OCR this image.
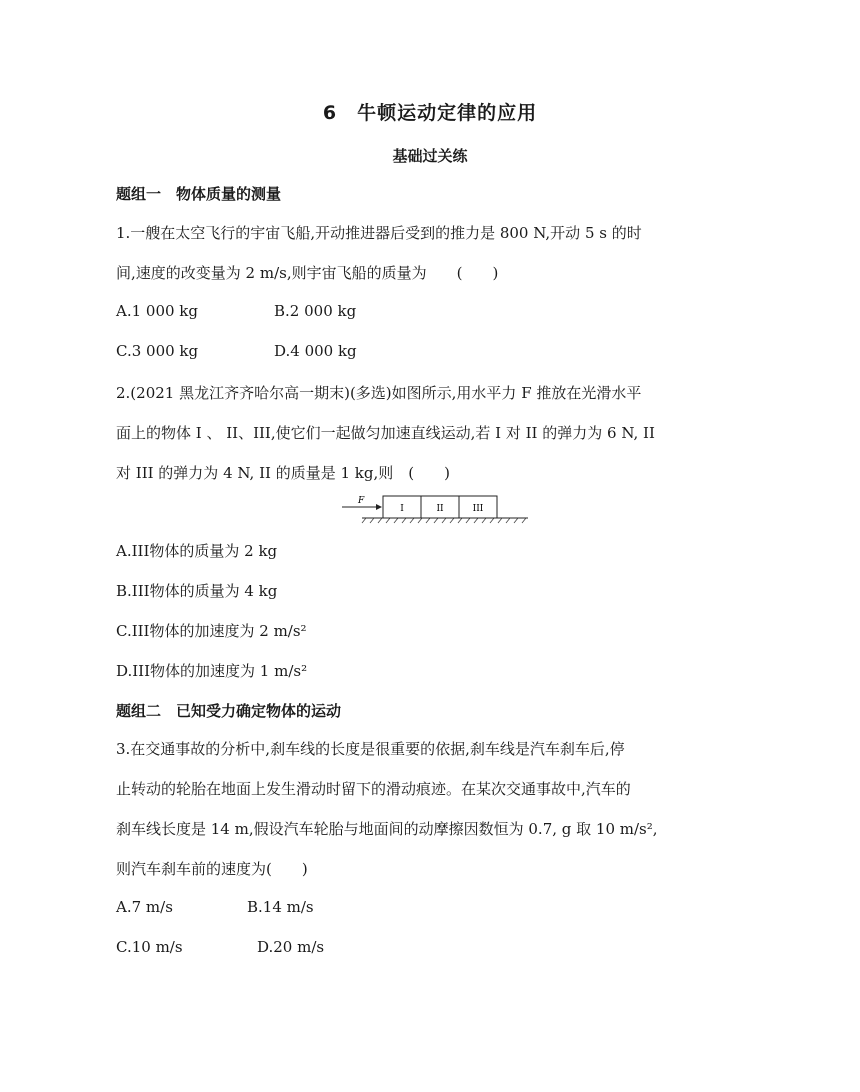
6　牛顿运动定律的应用
基础过关练
题组一　物体质量的测量
1.一艘在太空飞行的宇宙飞船,开动推进器后受到的推力是 800 N,开动 5 s 的时
间,速度的改变量为 2 m/s,则宇宙飞船的质量为　　(　　)
A.1 000 kg	B.2 000 kg
C.3 000 kg	D.4 000 kg
2.(2021 黑龙江齐齐哈尔高一期末)(多选)如图所示,用水平力 F 推放在光滑水平
面上的物体 I 、 II、III,使它们一起做匀加速直线运动,若 I 对 II 的弹力为 6 N, II
对 III 的弹力为 4 N, II 的质量是 1 kg,则　(　　)
F
I	II	III
A.III物体的质量为 2 kg
B.III物体的质量为 4 kg
C.III物体的加速度为 2 m/s²
D.III物体的加速度为 1 m/s²
题组二　已知受力确定物体的运动
3.在交通事故的分析中,刹车线的长度是很重要的依据,刹车线是汽车刹车后,停
止转动的轮胎在地面上发生滑动时留下的滑动痕迹。在某次交通事故中,汽车的
刹车线长度是 14 m,假设汽车轮胎与地面间的动摩擦因数恒为 0.7, g 取 10 m/s²,
则汽车刹车前的速度为(　　)
A.7 m/s	B.14 m/s
C.10 m/s	D.20 m/s
